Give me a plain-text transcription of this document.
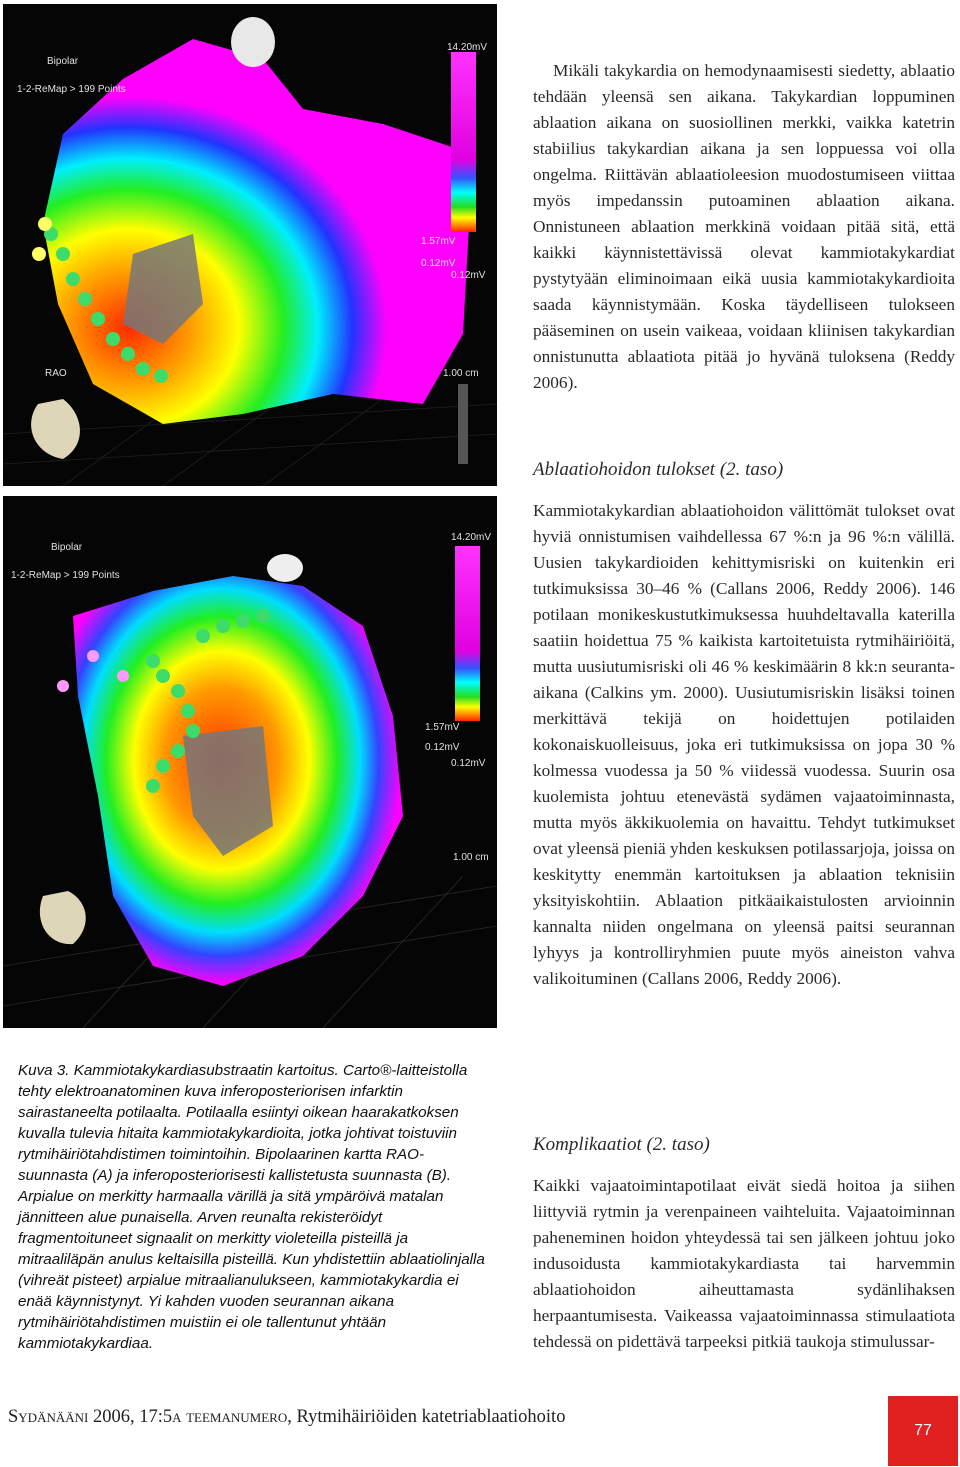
Bipolar
1-2-ReMap > 199 Points
14.20mV
1.57mV
0.12mV
0.12mV
1.00 cm
RAO
Bipolar
1-2-ReMap > 199 Points
14.20mV
1.57mV
0.12mV
0.12mV
1.00 cm

Kuva 3. Kammiotakykardiasubstraatin kartoitus. Carto®-laitteistolla tehty elektroanatominen kuva inferoposteriorisen infarktin sairastaneelta potilaalta. Potilaalla esiintyi oikean haarakatkoksen kuvalla tulevia hitaita kammiotakykardioita, jotka johtivat toistuviin rytmihäiriötahdistimen toimintoihin. Bipolaarinen kartta RAO-suunnasta (A) ja inferoposteriorisesti kallistetusta suunnasta (B). Arpialue on merkitty harmaalla värillä ja sitä ympäröivä matalan jännitteen alue punaisella. Arven reunalta rekisteröidyt fragmentoituneet signaalit on merkitty violeteilla pisteillä ja mitraaliläpän anulus keltaisilla pisteillä. Kun yhdistettiin ablaatiolinjalla (vihreät pisteet) arpialue mitraalianulukseen, kammiotakykardia ei enää käynnistynyt. Yi kahden vuoden seurannan aikana rytmihäiriötahdistimen muistiin ei ole tallentunut yhtään kammiotakykardiaa.

Mikäli takykardia on hemodynaamisesti siedetty, ablaatio tehdään yleensä sen aikana. Takykardian loppuminen ablaation aikana on suosiollinen merkki, vaikka katetrin stabiilius takykardian aikana ja sen loppuessa voi olla ongelma. Riittävän ablaatioleesion muodostumiseen viittaa myös impedanssin putoaminen ablaation aikana. Onnistuneen ablaation merkkinä voidaan pitää sitä, että kaikki käynnistettävissä olevat kammiotakykardiat pystytyään eliminoimaan eikä uusia kammiotakykardioita saada käynnistymään. Koska täydelliseen tulokseen pääseminen on usein vaikeaa, voidaan kliinisen takykardian onnistunutta ablaatiota pitää jo hyvänä tuloksena (Reddy 2006).

Ablaatiohoidon tulokset (2. taso)

Kammiotakykardian ablaatiohoidon välittömät tulokset ovat hyviä onnistumisen vaihdellessa 67 %:n ja 96 %:n välillä. Uusien takykardioiden kehittymisriski on kuitenkin eri tutkimuksissa 30–46 % (Callans 2006, Reddy 2006). 146 potilaan monikeskustutkimuksessa huuhdeltavalla katerilla saatiin hoidettua 75 % kaikista kartoitetuista rytmihäiriöitä, mutta uusiutumisriski oli 46 % keskimäärin 8 kk:n seuranta-aikana (Calkins ym. 2000). Uusiutumisriskin lisäksi toinen merkittävä tekijä on hoidettujen potilaiden kokonaiskuolleisuus, joka eri tutkimuksissa on jopa 30 % kolmessa vuodessa ja 50 % viidessä vuodessa. Suurin osa kuolemista johtuu etenevästä sydämen vajaatoiminnasta, mutta myös äkkikuolemia on havaittu. Tehdyt tutkimukset ovat yleensä pieniä yhden keskuksen potilassarjoja, joissa on keskitytty enemmän kartoituksen ja ablaation teknisiin yksityiskohtiin. Ablaation pitkäaikaistulosten arvioinnin kannalta niiden ongelmana on yleensä paitsi seurannan lyhyys ja kontrolliryhmien puute myös aineiston vahva valikoituminen (Callans 2006, Reddy 2006).

Komplikaatiot (2. taso)

Kaikki vajaatoimintapotilaat eivät siedä hoitoa ja siihen liittyviä rytmin ja verenpaineen vaihteluita. Vajaatoiminnan paheneminen hoidon yhteydessä tai sen jälkeen johtuu joko indusoidusta kammiotakykardiasta tai harvemmin ablaatiohoidon aiheuttamasta sydänlihaksen herpaantumisesta. Vaikeassa vajaatoiminnassa stimulaatiota tehdessä on pidettävä tarpeeksi pitkiä taukoja stimulussar-

Sydänääni 2006, 17:5a teemanumero, Rytmihäiriöiden katetriablaatiohoito
77
